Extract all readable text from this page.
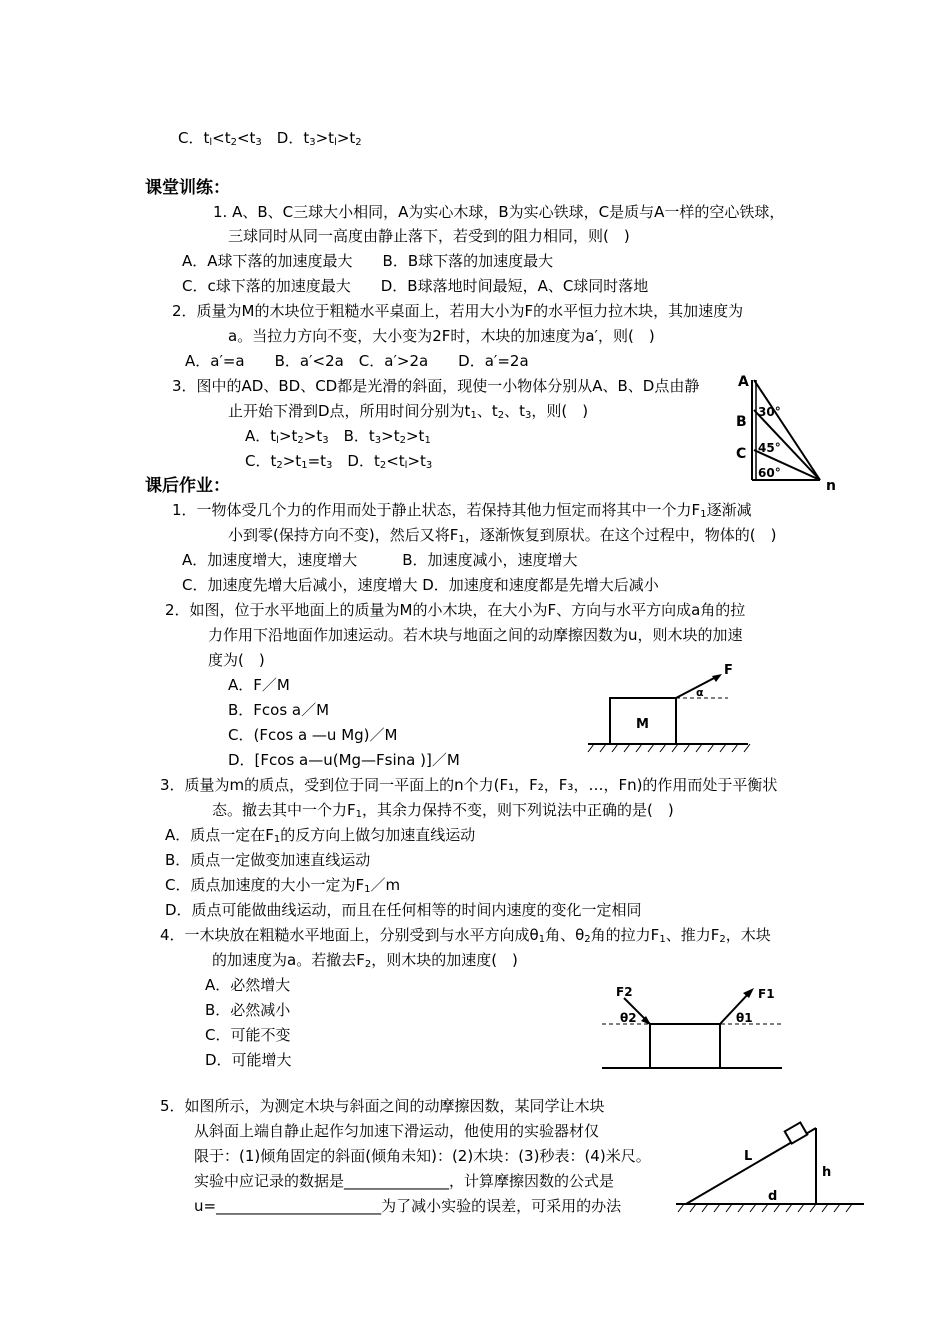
C．$t_l<t_2<t_3$　D．$t_3>t_l>t_2$
课堂训练：
1. A、B、C三球大小相同，A为实心木球，B为实心铁球，C是质与A一样的空心铁球，
三球同时从同一高度由静止落下，若受到的阻力相同，则(　)
A．A球下落的加速度最大　　B．B球下落的加速度最大
C．c球下落的加速度最大　　D．B球落地时间最短，A、C球同时落地
2．质量为M的木块位于粗糙水平桌面上，若用大小为F的水平恒力拉木块，其加速度为
a。当拉力方向不变，大小变为2F时，木块的加速度为a′，则(　)
A．a′=a　　B．a′<2a　C．a′>2a　　D．a′=2a
3．图中的AD、BD、CD都是光滑的斜面，现使一小物体分别从A、B、D点由静
止开始下滑到D点，所用时间分别为$t_1$、$t_2$、$t_3$，则(　)
A．$t_l>t_2>t_3$　B．$t_3>t_2>t_1$
C．$t_2>t_1=t_3$　D．$t_2<t_l>t_3$
A
B
C
n
30°
45°
60°
课后作业：
1．一物体受几个力的作用而处于静止状态，若保持其他力恒定而将其中一个力$F_1$逐渐减
小到零(保持方向不变)，然后又将$F_1$，逐渐恢复到原状。在这个过程中，物体的(　)
A．加速度增大，速度增大　　　B．加速度减小，速度增大
C．加速度先增大后减小，速度增大 D．加速度和速度都是先增大后减小
2．如图，位于水平地面上的质量为M的小木块，在大小为F、方向与水平方向成a角的拉
力作用下沿地面作加速运动。若木块与地面之间的动摩擦因数为u，则木块的加速
度为(　)
A．F／M
B．Fcos a／M
C．(Fcos a —u Mg)／M
D．[Fcos a—u(Mg—Fsina )]／M
M
F
α
3．质量为m的质点，受到位于同一平面上的n个力(F₁，F₂，F₃，…，Fn)的作用而处于平衡状
态。撤去其中一个力$F_1$，其余力保持不变，则下列说法中正确的是(　)
A．质点一定在$F_1$的反方向上做匀加速直线运动
B．质点一定做变加速直线运动
C．质点加速度的大小一定为$F_1/m$
D．质点可能做曲线运动，而且在任何相等的时间内速度的变化一定相同
4．一木块放在粗糙水平地面上，分别受到与水平方向成$\theta_1$角、$\theta_2$角的拉力$F_1$、推力$F_2$，木块
的加速度为a。若撤去$F_2$，则木块的加速度(　)
A．必然增大
B．必然减小
C．可能不变
D．可能增大
F2
θ2
F1
θ1
5．如图所示，为测定木块与斜面之间的动摩擦因数，某同学让木块
从斜面上端自静止起作匀加速下滑运动，他使用的实验器材仅
限于：(1)倾角固定的斜面(倾角未知)：(2)木块：(3)秒表：(4)米尺。
实验中应记录的数据是______________，计算摩擦因数的公式是
u=______________________为了减小实验的误差，可采用的办法
L
h
d
